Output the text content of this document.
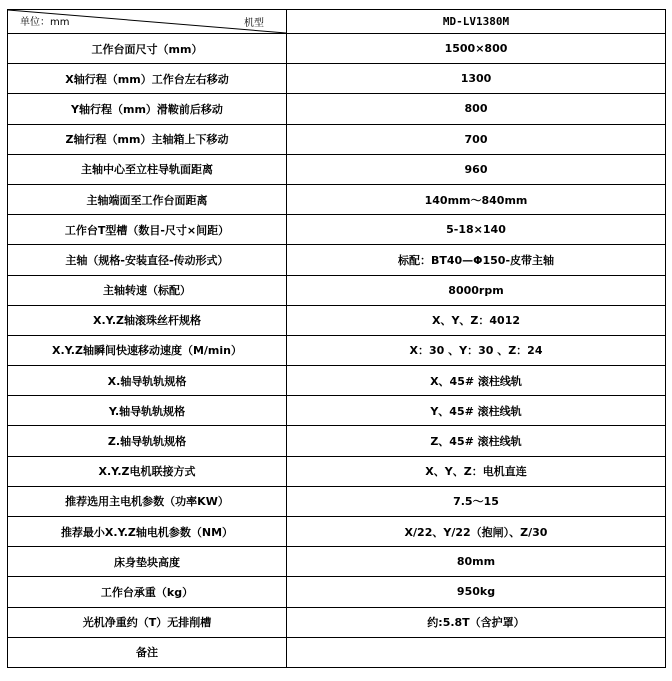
单位：mm 机型	MD-LV1380M
工作台面尺寸（mm）	1500×800
X轴行程（mm）工作台左右移动	1300
Y轴行程（mm）滑鞍前后移动	800
Z轴行程（mm）主轴箱上下移动	700
主轴中心至立柱导轨面距离	960
主轴端面至工作台面距离	140mm～840mm
工作台T型槽（数目-尺寸×间距）	5-18×140
主轴（规格-安装直径-传动形式）	标配：BT40—Φ150-皮带主轴
主轴转速（标配）	8000rpm
X.Y.Z轴滚珠丝杆规格	X、Y、Z：4012
X.Y.Z轴瞬间快速移动速度（M/min）	X：30 、Y：30 、Z：24
X.轴导轨轨规格	X、45# 滚柱线轨
Y.轴导轨轨规格	Y、45# 滚柱线轨
Z.轴导轨轨规格	Z、45# 滚柱线轨
X.Y.Z电机联接方式	X、Y、Z：电机直连
推荐选用主电机参数（功率KW）	7.5～15
推荐最小X.Y.Z轴电机参数（NM）	X/22、Y/22（抱闸）、Z/30
床身垫块高度	80mm
工作台承重（kg）	950kg
光机净重约（T）无排削槽	约:5.8T（含护罩）
备注	
